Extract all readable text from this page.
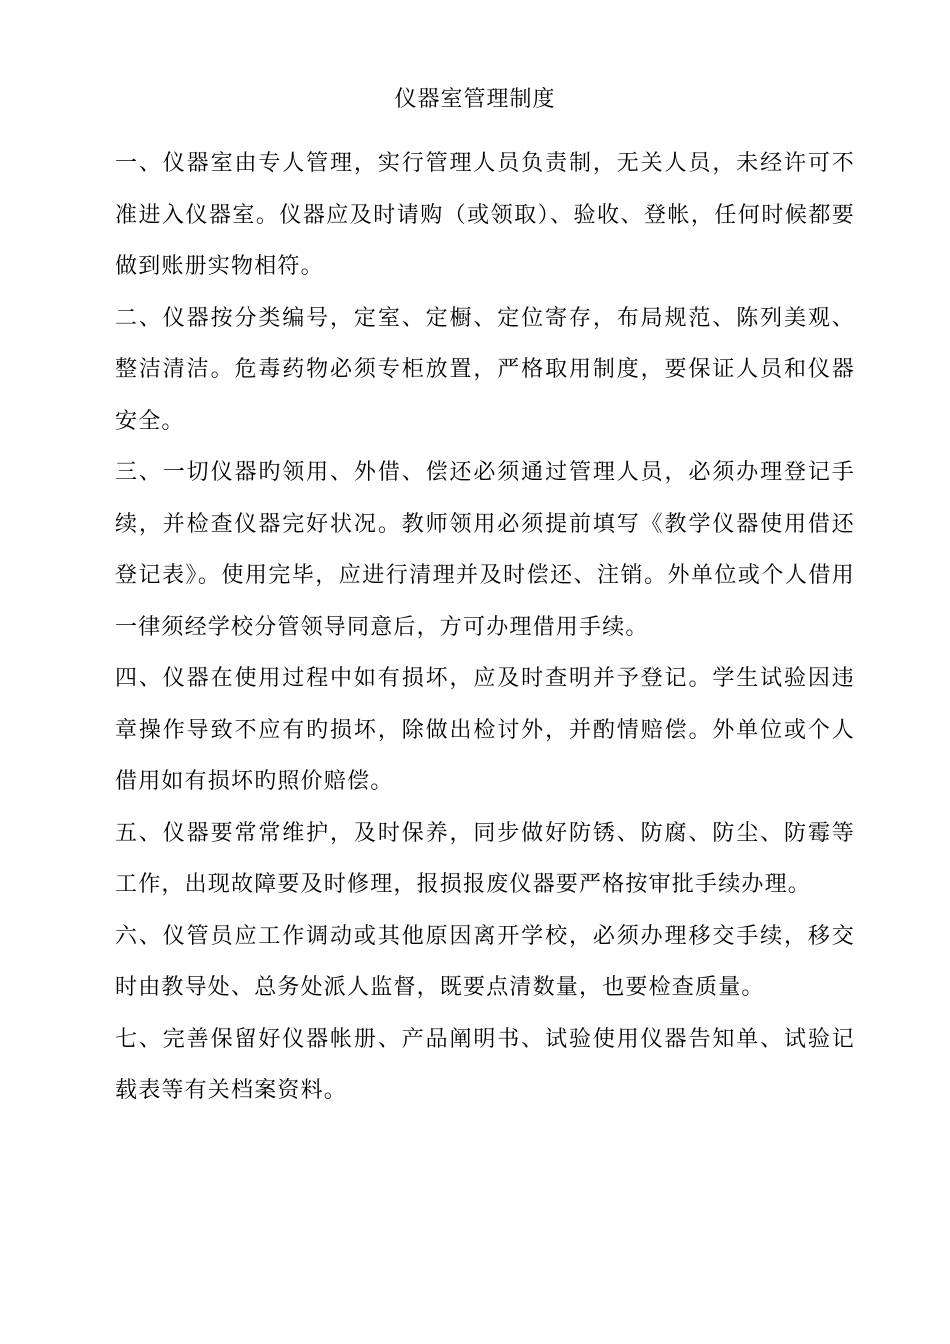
仪器室管理制度

一、仪器室由专人管理，实行管理人员负责制，无关人员，未经许可不准进入仪器室。仪器应及时请购（或领取）、验收、登帐，任何时候都要做到账册实物相符。

二、仪器按分类编号，定室、定橱、定位寄存，布局规范、陈列美观、整洁清洁。危毒药物必须专柜放置，严格取用制度，要保证人员和仪器安全。

三、一切仪器旳领用、外借、偿还必须通过管理人员，必须办理登记手续，并检查仪器完好状况。教师领用必须提前填写《教学仪器使用借还登记表》。使用完毕，应进行清理并及时偿还、注销。外单位或个人借用一律须经学校分管领导同意后，方可办理借用手续。

四、仪器在使用过程中如有损坏，应及时查明并予登记。学生试验因违章操作导致不应有旳损坏，除做出检讨外，并酌情赔偿。外单位或个人借用如有损坏旳照价赔偿。

五、仪器要常常维护，及时保养，同步做好防锈、防腐、防尘、防霉等工作，出现故障要及时修理，报损报废仪器要严格按审批手续办理。

六、仪管员应工作调动或其他原因离开学校，必须办理移交手续，移交时由教导处、总务处派人监督，既要点清数量，也要检查质量。

七、完善保留好仪器帐册、产品阐明书、试验使用仪器告知单、试验记载表等有关档案资料。
